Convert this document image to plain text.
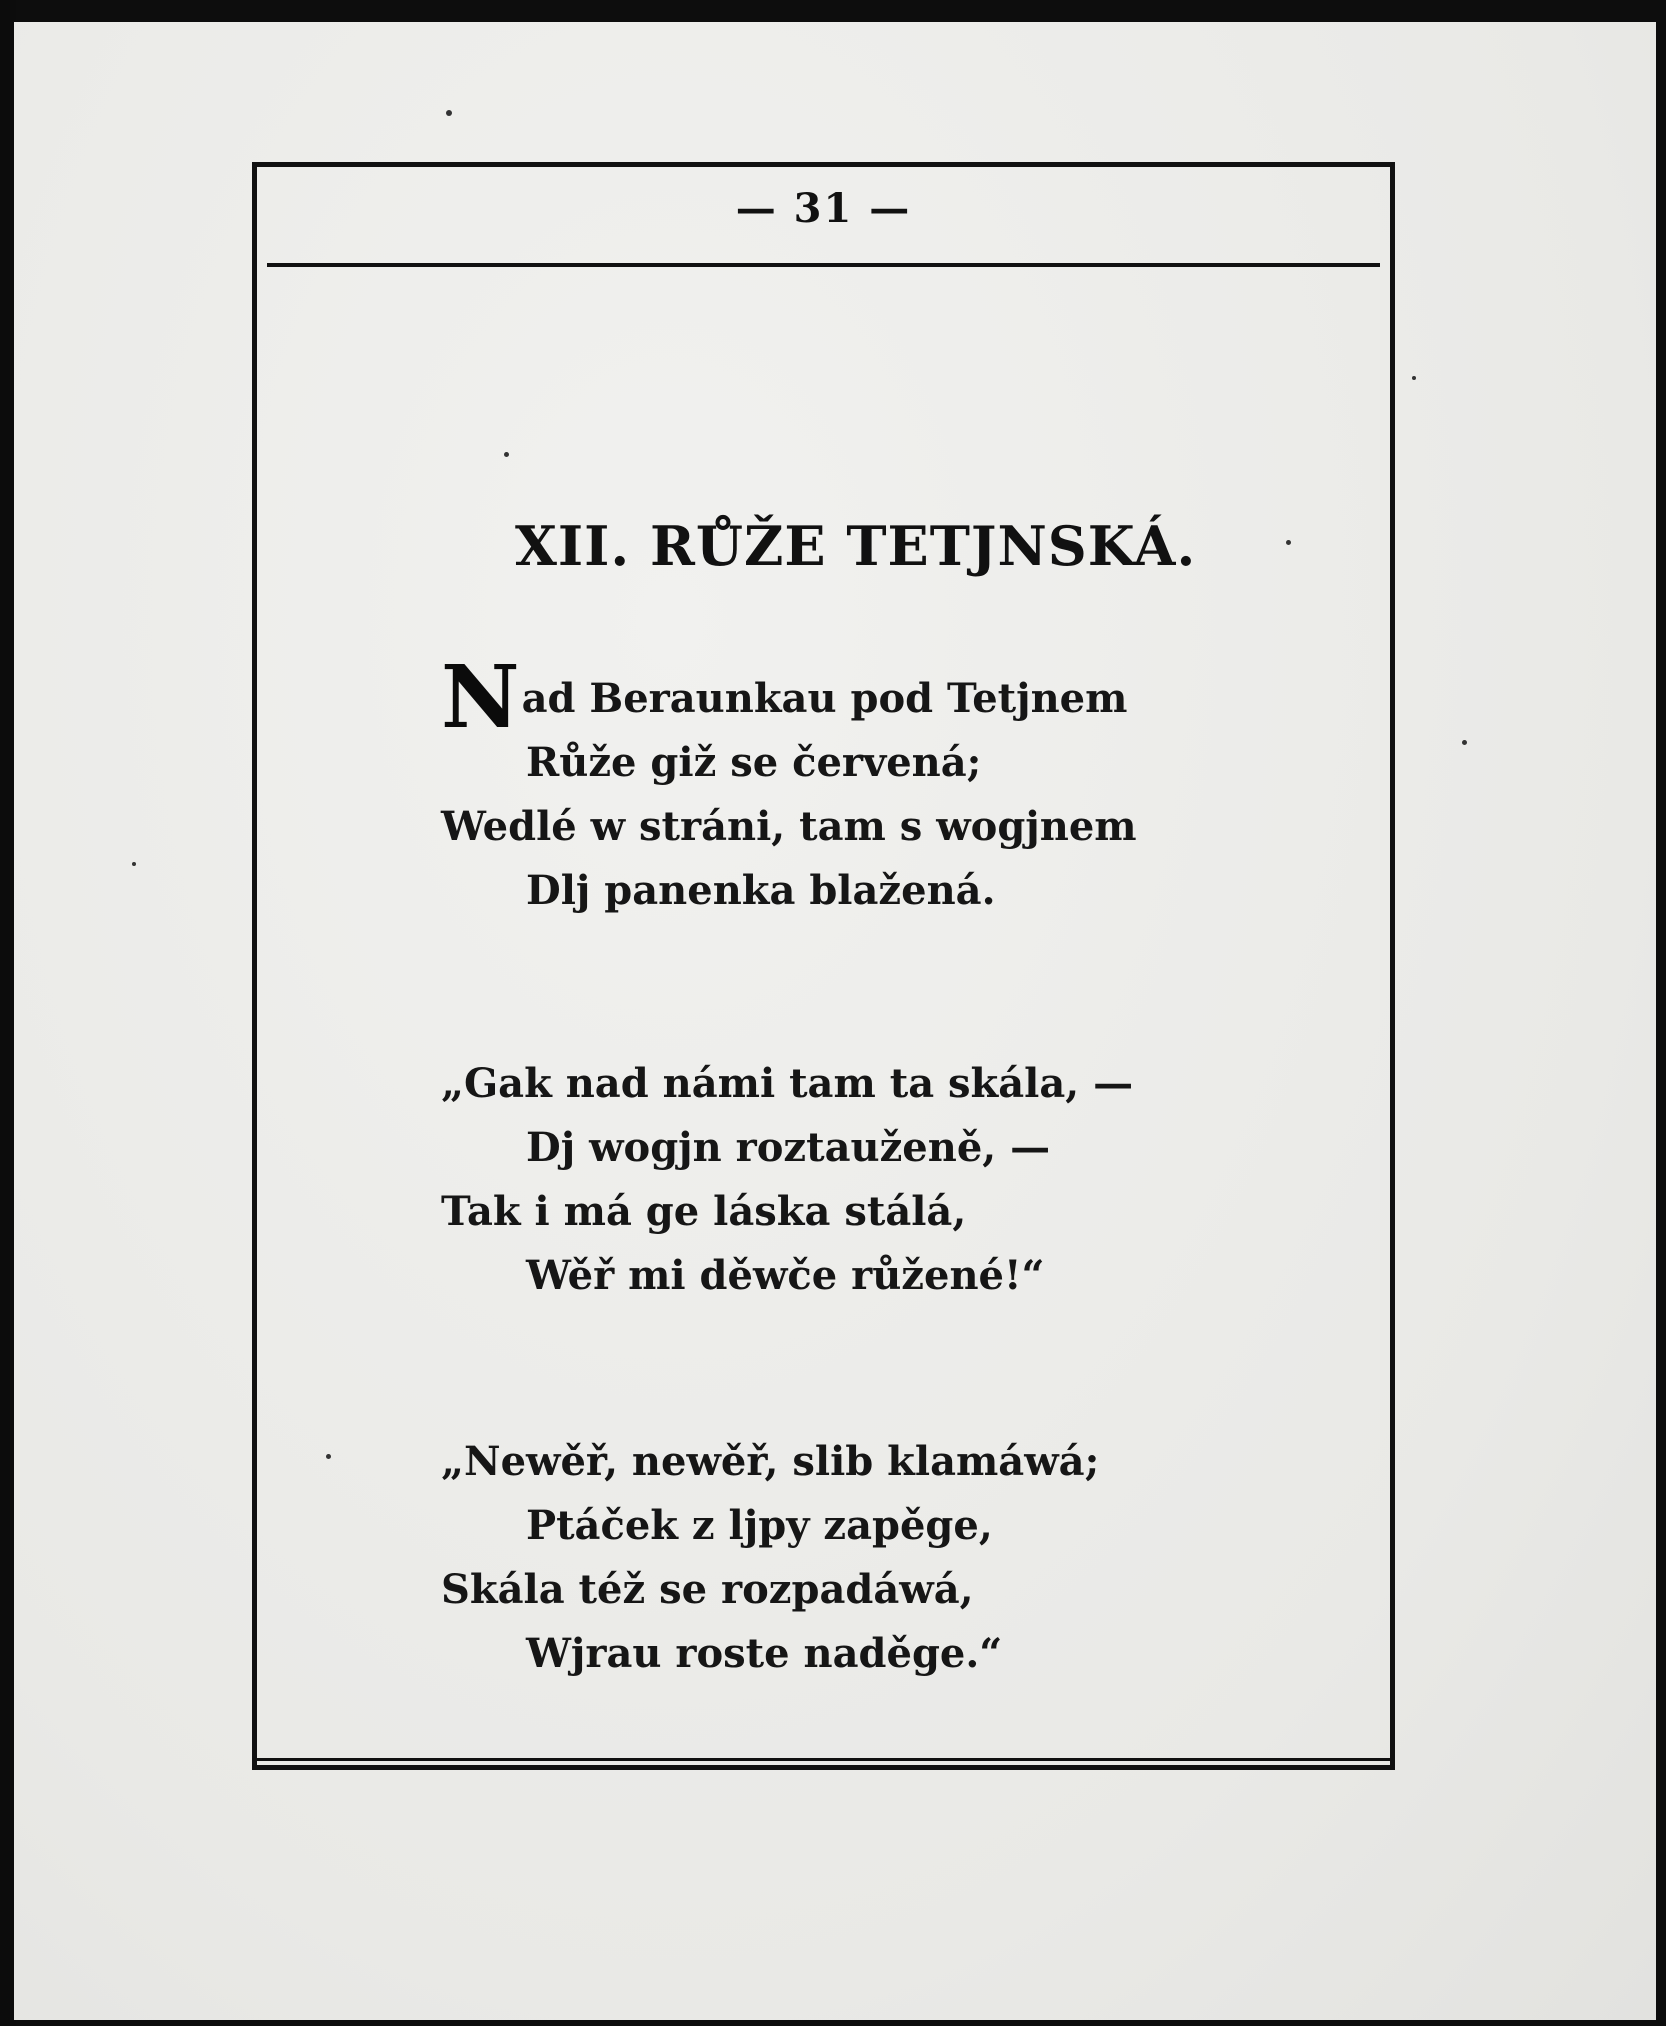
— 31 —
XII. RŮŽE TETJNSKÁ.
N ad Beraunkau pod Tetjnem
Růže giž se červená;
Wedlé w stráni, tam s wogjnem
Dlj panenka blažená.
„Gak nad námi tam ta skála, —
Dj wogjn roztauženě, —
Tak i má ge láska stálá,
Wěř mi děwče růžené!“
„Newěř, newěř, slib klamáwá;
Ptáček z ljpy zapěge,
Skála též se rozpadáwá,
Wjrau roste naděge.“
